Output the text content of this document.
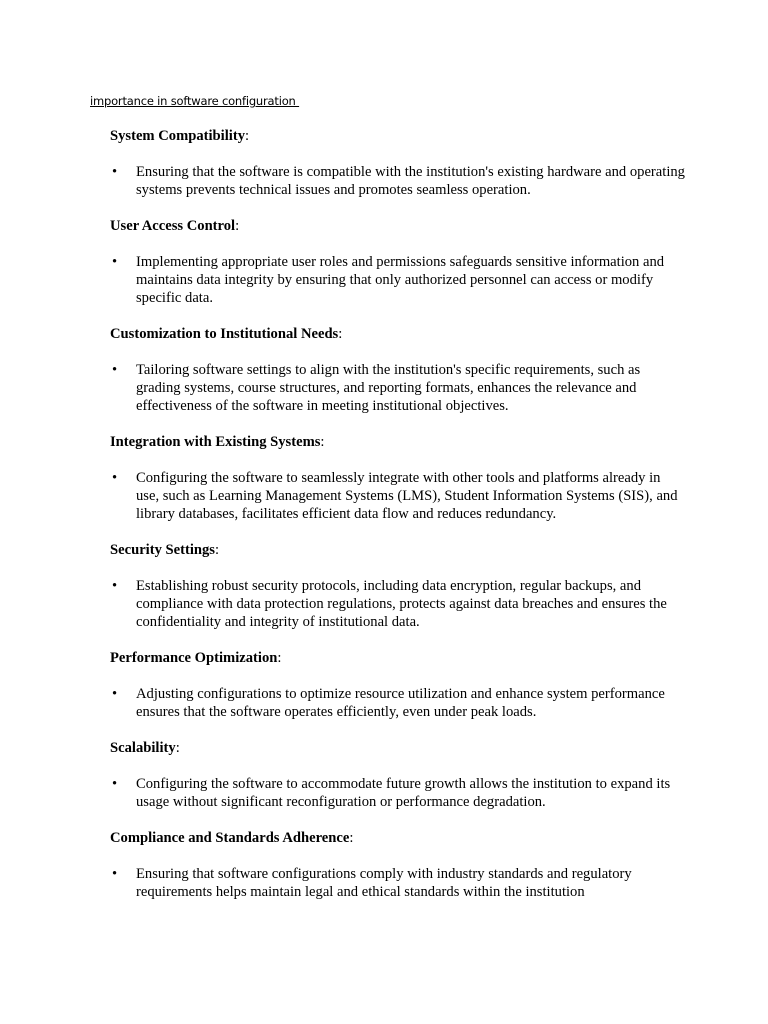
importance in software configuration

System Compatibility:

• Ensuring that the software is compatible with the institution's existing hardware and operating systems prevents technical issues and promotes seamless operation.

User Access Control:

• Implementing appropriate user roles and permissions safeguards sensitive information and maintains data integrity by ensuring that only authorized personnel can access or modify specific data.

Customization to Institutional Needs:

• Tailoring software settings to align with the institution's specific requirements, such as grading systems, course structures, and reporting formats, enhances the relevance and effectiveness of the software in meeting institutional objectives.

Integration with Existing Systems:

• Configuring the software to seamlessly integrate with other tools and platforms already in use, such as Learning Management Systems (LMS), Student Information Systems (SIS), and library databases, facilitates efficient data flow and reduces redundancy.

Security Settings:

• Establishing robust security protocols, including data encryption, regular backups, and compliance with data protection regulations, protects against data breaches and ensures the confidentiality and integrity of institutional data.

Performance Optimization:

• Adjusting configurations to optimize resource utilization and enhance system performance ensures that the software operates efficiently, even under peak loads.

Scalability:

• Configuring the software to accommodate future growth allows the institution to expand its usage without significant reconfiguration or performance degradation.

Compliance and Standards Adherence:

• Ensuring that software configurations comply with industry standards and regulatory requirements helps maintain legal and ethical standards within the institution
